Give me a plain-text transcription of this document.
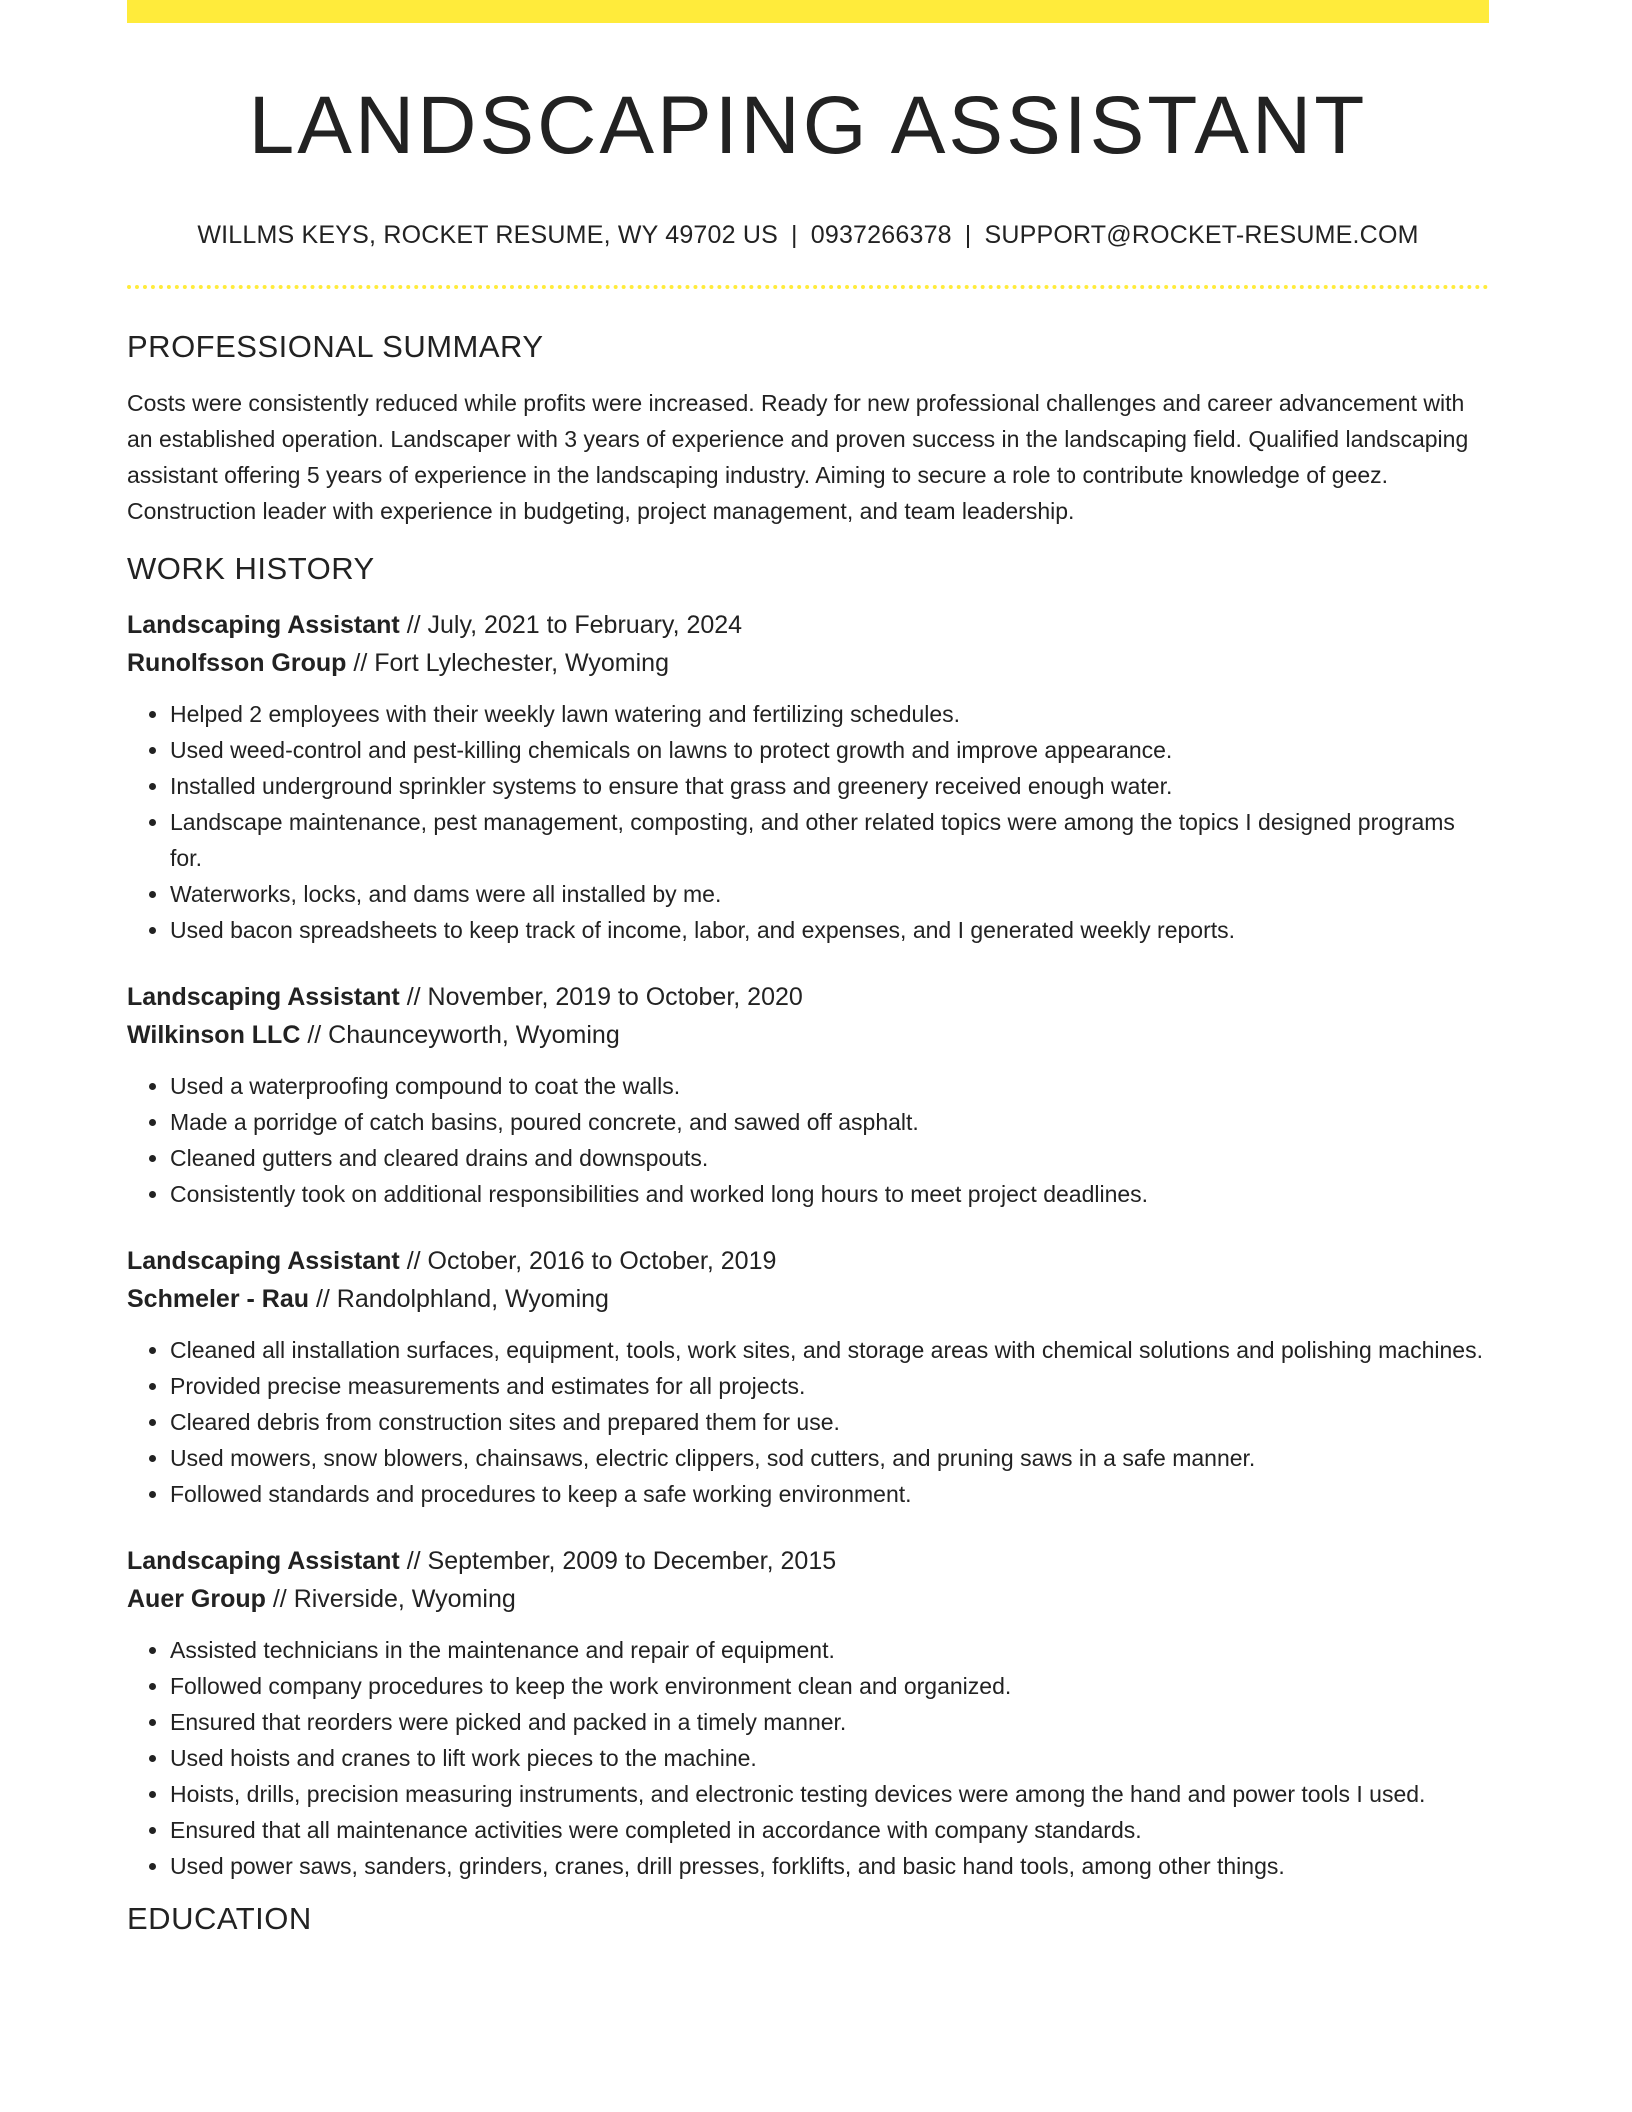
LANDSCAPING ASSISTANT
WILLMS KEYS, ROCKET RESUME, WY 49702 US | 0937266378 | SUPPORT@ROCKET-RESUME.COM
PROFESSIONAL SUMMARY

Costs were consistently reduced while profits were increased. Ready for new professional challenges and career advancement with an established operation. Landscaper with 3 years of experience and proven success in the landscaping field. Qualified landscaping assistant offering 5 years of experience in the landscaping industry. Aiming to secure a role to contribute knowledge of geez. Construction leader with experience in budgeting, project management, and team leadership.

WORK HISTORY
Landscaping Assistant // July, 2021 to February, 2024
Runolfsson Group // Fort Lylechester, Wyoming
• Helped 2 employees with their weekly lawn watering and fertilizing schedules.
• Used weed-control and pest-killing chemicals on lawns to protect growth and improve appearance.
• Installed underground sprinkler systems to ensure that grass and greenery received enough water.
• Landscape maintenance, pest management, composting, and other related topics were among the topics I designed programs for.
• Waterworks, locks, and dams were all installed by me.
• Used bacon spreadsheets to keep track of income, labor, and expenses, and I generated weekly reports.
Landscaping Assistant // November, 2019 to October, 2020
Wilkinson LLC // Chaunceyworth, Wyoming
• Used a waterproofing compound to coat the walls.
• Made a porridge of catch basins, poured concrete, and sawed off asphalt.
• Cleaned gutters and cleared drains and downspouts.
• Consistently took on additional responsibilities and worked long hours to meet project deadlines.
Landscaping Assistant // October, 2016 to October, 2019
Schmeler - Rau // Randolphland, Wyoming
• Cleaned all installation surfaces, equipment, tools, work sites, and storage areas with chemical solutions and polishing machines.
• Provided precise measurements and estimates for all projects.
• Cleared debris from construction sites and prepared them for use.
• Used mowers, snow blowers, chainsaws, electric clippers, sod cutters, and pruning saws in a safe manner.
• Followed standards and procedures to keep a safe working environment.
Landscaping Assistant // September, 2009 to December, 2015
Auer Group // Riverside, Wyoming
• Assisted technicians in the maintenance and repair of equipment.
• Followed company procedures to keep the work environment clean and organized.
• Ensured that reorders were picked and packed in a timely manner.
• Used hoists and cranes to lift work pieces to the machine.
• Hoists, drills, precision measuring instruments, and electronic testing devices were among the hand and power tools I used.
• Ensured that all maintenance activities were completed in accordance with company standards.
• Used power saws, sanders, grinders, cranes, drill presses, forklifts, and basic hand tools, among other things.
EDUCATION
